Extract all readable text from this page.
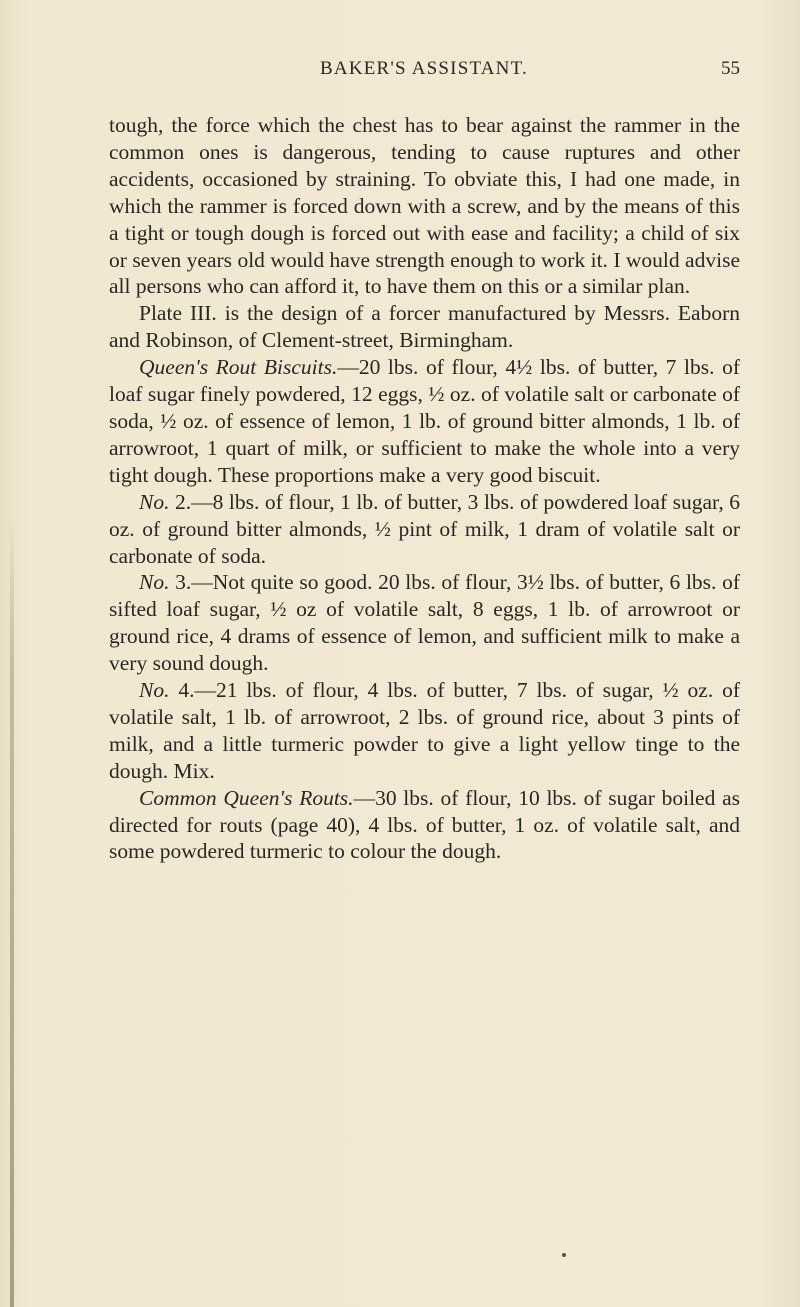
BAKER'S ASSISTANT.	55

tough, the force which the chest has to bear against the rammer in the common ones is dangerous, tending to cause ruptures and other accidents, occasioned by straining. To obviate this, I had one made, in which the rammer is forced down with a screw, and by the means of this a tight or tough dough is forced out with ease and facility; a child of six or seven years old would have strength enough to work it. I would advise all persons who can afford it, to have them on this or a similar plan.

Plate III. is the design of a forcer manufactured by Messrs. Eaborn and Robinson, of Clement-street, Birmingham.

Queen's Rout Biscuits.—20 lbs. of flour, 4½ lbs. of butter, 7 lbs. of loaf sugar finely powdered, 12 eggs, ½ oz. of volatile salt or carbonate of soda, ½ oz. of essence of lemon, 1 lb. of ground bitter almonds, 1 lb. of arrowroot, 1 quart of milk, or sufficient to make the whole into a very tight dough. These proportions make a very good biscuit.

No. 2.—8 lbs. of flour, 1 lb. of butter, 3 lbs. of powdered loaf sugar, 6 oz. of ground bitter almonds, ½ pint of milk, 1 dram of volatile salt or carbonate of soda.

No. 3.—Not quite so good. 20 lbs. of flour, 3½ lbs. of butter, 6 lbs. of sifted loaf sugar, ½ oz of volatile salt, 8 eggs, 1 lb. of arrowroot or ground rice, 4 drams of essence of lemon, and sufficient milk to make a very sound dough.

No. 4.—21 lbs. of flour, 4 lbs. of butter, 7 lbs. of sugar, ½ oz. of volatile salt, 1 lb. of arrowroot, 2 lbs. of ground rice, about 3 pints of milk, and a little turmeric powder to give a light yellow tinge to the dough. Mix.

Common Queen's Routs.—30 lbs. of flour, 10 lbs. of sugar boiled as directed for routs (page 40), 4 lbs. of butter, 1 oz. of volatile salt, and some powdered turmeric to colour the dough.
